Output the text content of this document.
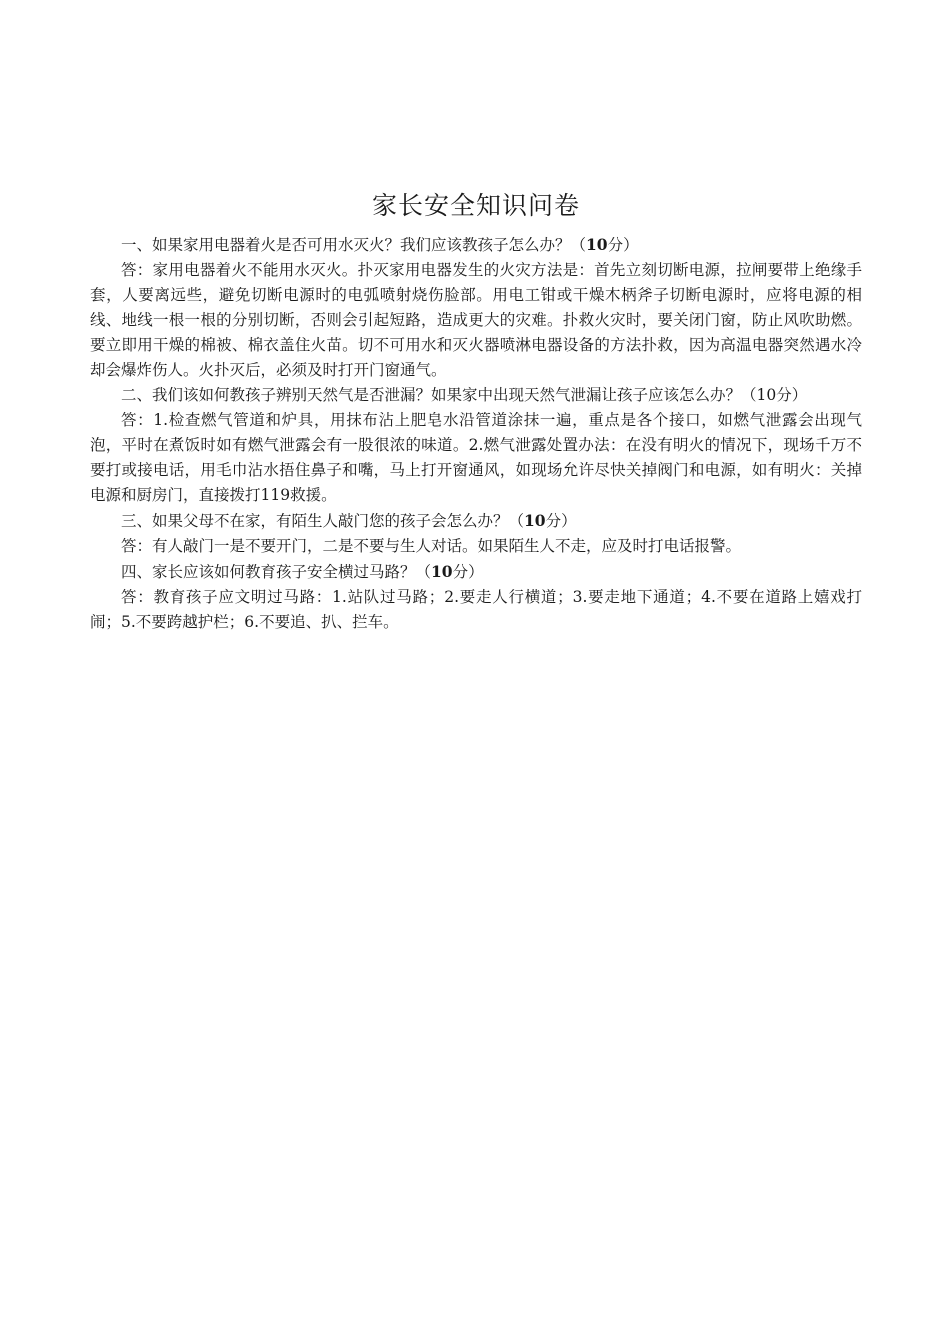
家长安全知识问卷

一、如果家用电器着火是否可用水灭火？我们应该教孩子怎么办？（10分）

答：家用电器着火不能用水灭火。扑灭家用电器发生的火灾方法是：首先立刻切断电源，拉闸要带上绝缘手套，人要离远些，避免切断电源时的电弧喷射烧伤脸部。用电工钳或干燥木柄斧子切断电源时，应将电源的相线、地线一根一根的分别切断，否则会引起短路，造成更大的灾难。扑救火灾时，要关闭门窗，防止风吹助燃。要立即用干燥的棉被、棉衣盖住火苗。切不可用水和灭火器喷淋电器设备的方法扑救，因为高温电器突然遇水冷却会爆炸伤人。火扑灭后，必须及时打开门窗通气。

二、我们该如何教孩子辨别天然气是否泄漏？如果家中出现天然气泄漏让孩子应该怎么办？（10分）

答：1.检查燃气管道和炉具，用抹布沾上肥皂水沿管道涂抹一遍，重点是各个接口，如燃气泄露会出现气泡，平时在煮饭时如有燃气泄露会有一股很浓的味道。2.燃气泄露处置办法：在没有明火的情况下，现场千万不要打或接电话，用毛巾沾水捂住鼻子和嘴，马上打开窗通风，如现场允许尽快关掉阀门和电源，如有明火：关掉电源和厨房门，直接拨打119救援。

三、如果父母不在家，有陌生人敲门您的孩子会怎么办？（10分）

答：有人敲门一是不要开门，二是不要与生人对话。如果陌生人不走，应及时打电话报警。

四、家长应该如何教育孩子安全横过马路？（10分）

答：教育孩子应文明过马路：1.站队过马路；2.要走人行横道；3.要走地下通道；4.不要在道路上嬉戏打闹；5.不要跨越护栏；6.不要追、扒、拦车。
